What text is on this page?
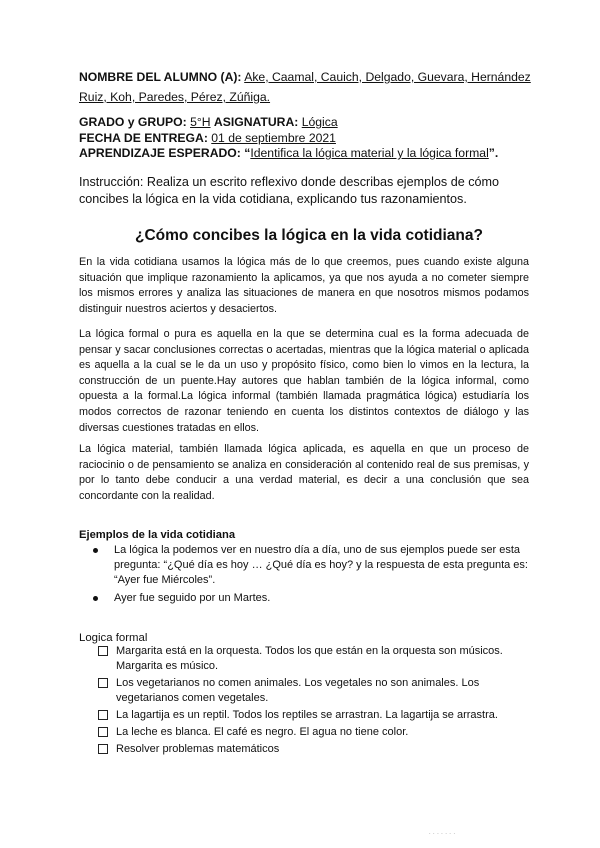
NOMBRE DEL ALUMNO (A): Ake, Caamal, Cauich, Delgado, Guevara, Hernández
Ruiz, Koh, Paredes, Pérez, Zúñiga.
GRADO y GRUPO: 5°H ASIGNATURA: Lógica
FECHA DE ENTREGA: 01 de septiembre 2021
APRENDIZAJE ESPERADO: “Identifica la lógica material y la lógica formal”.
Instrucción: Realiza un escrito reflexivo donde describas ejemplos de cómo concibes la lógica en la vida cotidiana, explicando tus razonamientos.
¿Cómo concibes la lógica en la vida cotidiana?
En la vida cotidiana usamos la lógica más de lo que creemos, pues cuando existe alguna situación que implique razonamiento la aplicamos, ya que nos ayuda a no cometer siempre los mismos errores y analiza las situaciones de manera en que nosotros mismos podamos distinguir nuestros aciertos y desaciertos.
La lógica formal o pura es aquella en la que se determina cual es la forma adecuada de pensar y sacar conclusiones correctas o acertadas, mientras que la lógica material o aplicada es aquella a la cual se le da un uso y propósito físico, como bien lo vimos en la lectura, la construcción de un puente.Hay autores que hablan también de la lógica informal, como opuesta a la formal.La lógica informal (también llamada pragmática lógica) estudiaría los modos correctos de razonar teniendo en cuenta los distintos contextos de diálogo y las diversas cuestiones tratadas en ellos.
La lógica material, también llamada lógica aplicada, es aquella en que un proceso de raciocinio o de pensamiento se analiza en consideración al contenido real de sus premisas, y por lo tanto debe conducir a una verdad material, es decir a una conclusión que sea concordante con la realidad.
Ejemplos de la vida cotidiana
La lógica la podemos ver en nuestro día a día, uno de sus ejemplos puede ser esta pregunta: “¿Qué día es hoy … ¿Qué día es hoy? y la respuesta de esta pregunta es: “Ayer fue Miércoles”.
Ayer fue seguido por un Martes.
Logica formal
Margarita está en la orquesta. Todos los que están en la orquesta son músicos. Margarita es músico.
Los vegetarianos no comen animales. Los vegetales no son animales. Los vegetarianos comen vegetales.
La lagartija es un reptil. Todos los reptiles se arrastran. La lagartija se arrastra.
La leche es blanca. El café es negro. El agua no tiene color.
Resolver problemas matemáticos
· · · · · · ·
